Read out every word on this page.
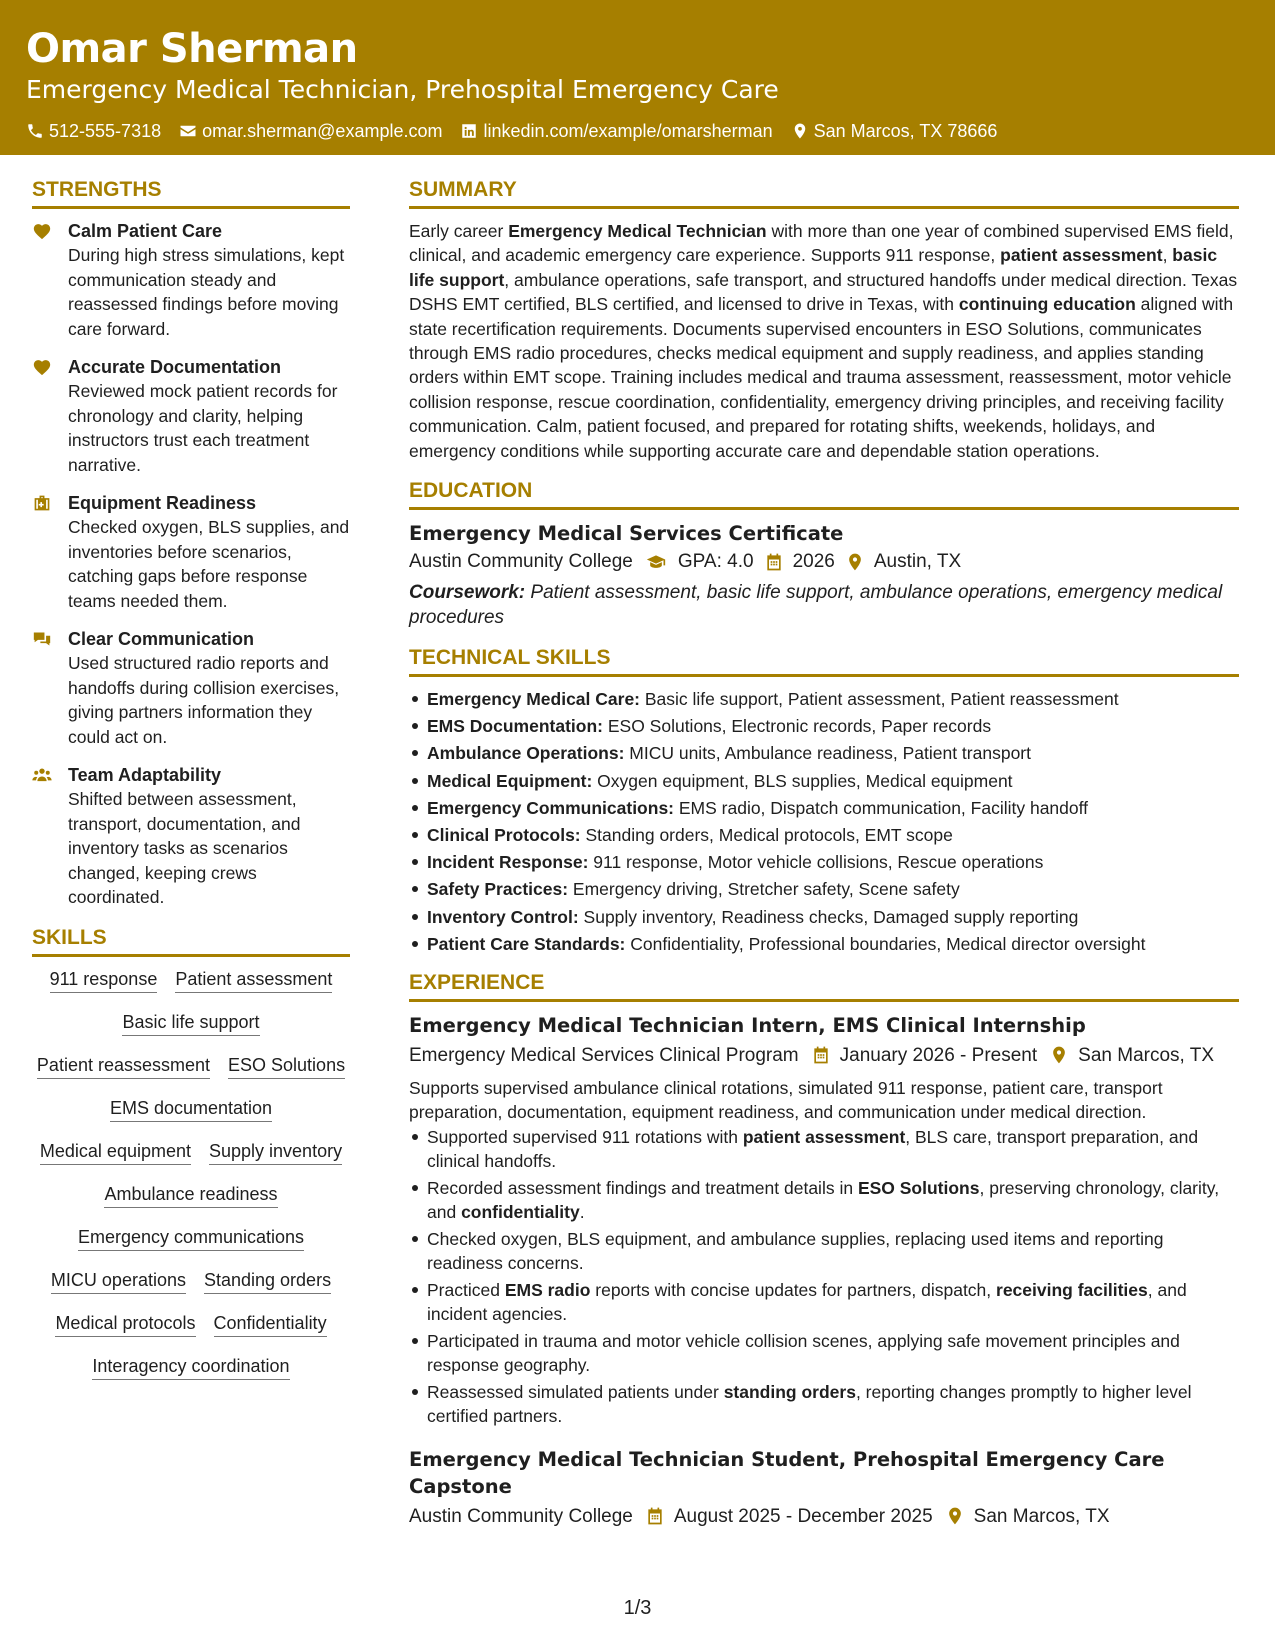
Omar Sherman
Emergency Medical Technician, Prehospital Emergency Care
512-555-7318 omar.sherman@example.com linkedin.com/example/omarsherman San Marcos, TX 78666
STRENGTHS
Calm Patient Care
During high stress simulations, kept communication steady and reassessed findings before moving care forward.
Accurate Documentation
Reviewed mock patient records for chronology and clarity, helping instructors trust each treatment narrative.
Equipment Readiness
Checked oxygen, BLS supplies, and inventories before scenarios, catching gaps before response teams needed them.
Clear Communication
Used structured radio reports and handoffs during collision exercises, giving partners information they could act on.
Team Adaptability
Shifted between assessment, transport, documentation, and inventory tasks as scenarios changed, keeping crews coordinated.
SKILLS
911 response Patient assessment
Basic life support
Patient reassessment ESO Solutions
EMS documentation
Medical equipment Supply inventory
Ambulance readiness
Emergency communications
MICU operations Standing orders
Medical protocols Confidentiality
Interagency coordination
SUMMARY
Early career Emergency Medical Technician with more than one year of combined supervised EMS field, clinical, and academic emergency care experience. Supports 911 response, patient assessment, basic life support, ambulance operations, safe transport, and structured handoffs under medical direction. Texas DSHS EMT certified, BLS certified, and licensed to drive in Texas, with continuing education aligned with state recertification requirements. Documents supervised encounters in ESO Solutions, communicates through EMS radio procedures, checks medical equipment and supply readiness, and applies standing orders within EMT scope. Training includes medical and trauma assessment, reassessment, motor vehicle collision response, rescue coordination, confidentiality, emergency driving principles, and receiving facility communication. Calm, patient focused, and prepared for rotating shifts, weekends, holidays, and emergency conditions while supporting accurate care and dependable station operations.
EDUCATION
Emergency Medical Services Certificate
Austin Community College GPA: 4.0 2026 Austin, TX
Coursework: Patient assessment, basic life support, ambulance operations, emergency medical procedures
TECHNICAL SKILLS
Emergency Medical Care: Basic life support, Patient assessment, Patient reassessment
EMS Documentation: ESO Solutions, Electronic records, Paper records
Ambulance Operations: MICU units, Ambulance readiness, Patient transport
Medical Equipment: Oxygen equipment, BLS supplies, Medical equipment
Emergency Communications: EMS radio, Dispatch communication, Facility handoff
Clinical Protocols: Standing orders, Medical protocols, EMT scope
Incident Response: 911 response, Motor vehicle collisions, Rescue operations
Safety Practices: Emergency driving, Stretcher safety, Scene safety
Inventory Control: Supply inventory, Readiness checks, Damaged supply reporting
Patient Care Standards: Confidentiality, Professional boundaries, Medical director oversight
EXPERIENCE
Emergency Medical Technician Intern, EMS Clinical Internship
Emergency Medical Services Clinical Program January 2026 - Present San Marcos, TX
Supports supervised ambulance clinical rotations, simulated 911 response, patient care, transport preparation, documentation, equipment readiness, and communication under medical direction.
Supported supervised 911 rotations with patient assessment, BLS care, transport preparation, and clinical handoffs.
Recorded assessment findings and treatment details in ESO Solutions, preserving chronology, clarity, and confidentiality.
Checked oxygen, BLS equipment, and ambulance supplies, replacing used items and reporting readiness concerns.
Practiced EMS radio reports with concise updates for partners, dispatch, receiving facilities, and incident agencies.
Participated in trauma and motor vehicle collision scenes, applying safe movement principles and response geography.
Reassessed simulated patients under standing orders, reporting changes promptly to higher level certified partners.
Emergency Medical Technician Student, Prehospital Emergency Care Capstone
Austin Community College August 2025 - December 2025 San Marcos, TX
1/3
